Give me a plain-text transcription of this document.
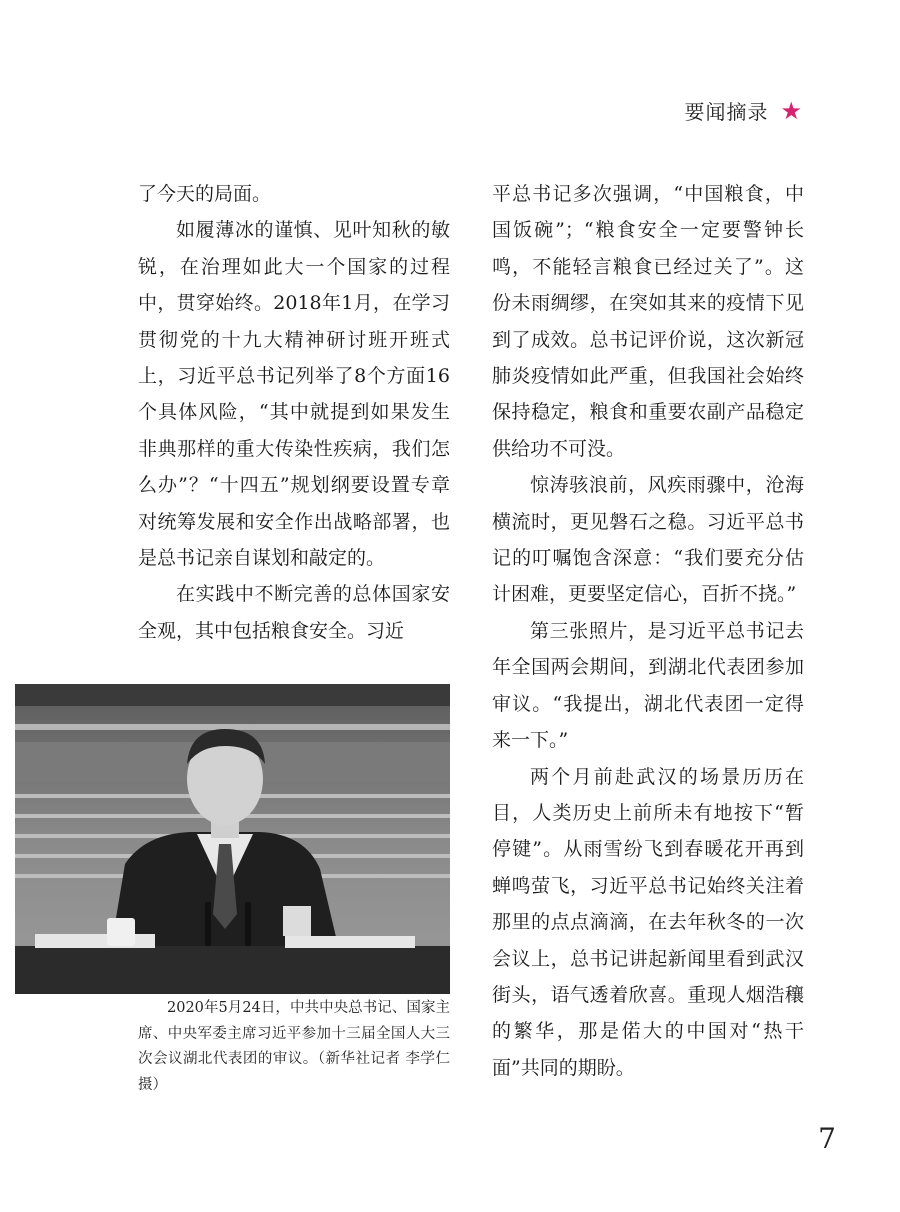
要闻摘录 ★

了今天的局面。

如履薄冰的谨慎、见叶知秋的敏锐，在治理如此大一个国家的过程中，贯穿始终。2018年1月，在学习贯彻党的十九大精神研讨班开班式上，习近平总书记列举了8个方面16个具体风险，“其中就提到如果发生非典那样的重大传染性疾病，我们怎么办”？“十四五”规划纲要设置专章对统筹发展和安全作出战略部署，也是总书记亲自谋划和敲定的。

在实践中不断完善的总体国家安全观，其中包括粮食安全。习近

平总书记多次强调，“中国粮食，中国饭碗”；“粮食安全一定要警钟长鸣，不能轻言粮食已经过关了”。这份未雨绸缪，在突如其来的疫情下见到了成效。总书记评价说，这次新冠肺炎疫情如此严重，但我国社会始终保持稳定，粮食和重要农副产品稳定供给功不可没。

惊涛骇浪前，风疾雨骤中，沧海横流时，更见磐石之稳。习近平总书记的叮嘱饱含深意：“我们要充分估计困难，更要坚定信心，百折不挠。”

第三张照片，是习近平总书记去年全国两会期间，到湖北代表团参加审议。“我提出，湖北代表团一定得来一下。”

两个月前赴武汉的场景历历在目，人类历史上前所未有地按下“暂停键”。从雨雪纷飞到春暖花开再到蝉鸣萤飞，习近平总书记始终关注着那里的点点滴滴，在去年秋冬的一次会议上，总书记讲起新闻里看到武汉街头，语气透着欣喜。重现人烟浩穰的繁华，那是偌大的中国对“热干面”共同的期盼。

2020年5月24日，中共中央总书记、国家主席、中央军委主席习近平参加十三届全国人大三次会议湖北代表团的审议。（新华社记者 李学仁 摄）

7
